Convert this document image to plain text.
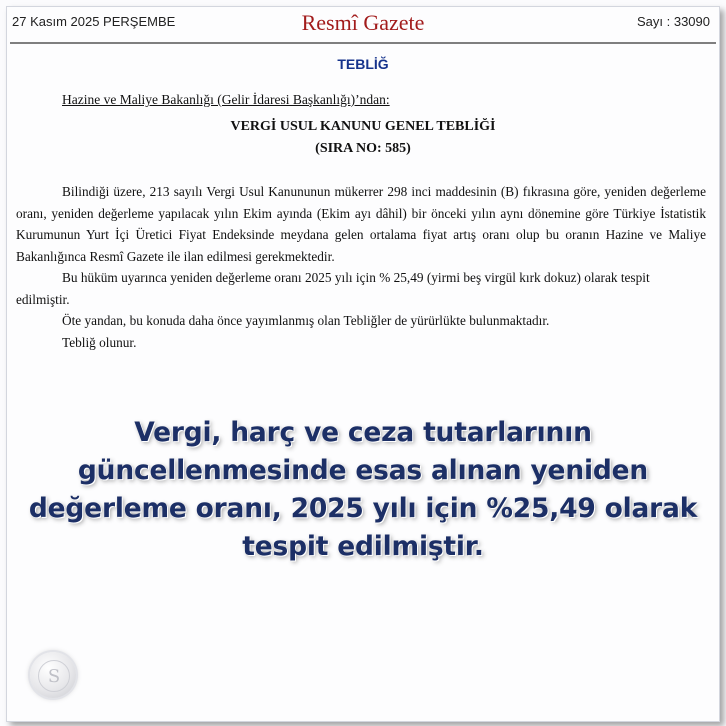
27 Kasım 2025 PERŞEMBE	Resmî Gazete	Sayı : 33090
TEBLİĞ
Hazine ve Maliye Bakanlığı (Gelir İdaresi Başkanlığı)’ndan:
VERGİ USUL KANUNU GENEL TEBLİĞİ
(SIRA NO: 585)

Bilindiği üzere, 213 sayılı Vergi Usul Kanununun mükerrer 298 inci maddesinin (B) fıkrasına göre, yeniden değerleme oranı, yeniden değerleme yapılacak yılın Ekim ayında (Ekim ayı dâhil) bir önceki yılın aynı dönemine göre Türkiye İstatistik Kurumunun Yurt İçi Üretici Fiyat Endeksinde meydana gelen ortalama fiyat artış oranı olup bu oranın Hazine ve Maliye Bakanlığınca Resmî Gazete ile ilan edilmesi gerekmektedir.

Bu hüküm uyarınca yeniden değerleme oranı 2025 yılı için % 25,49 (yirmi beş virgül kırk dokuz) olarak tespit edilmiştir.

Öte yandan, bu konuda daha önce yayımlanmış olan Tebliğler de yürürlükte bulunmaktadır.

Tebliğ olunur.

Vergi, harç ve ceza tutarlarının
güncellenmesinde esas alınan yeniden
değerleme oranı, 2025 yılı için %25,49 olarak
tespit edilmiştir.
S
